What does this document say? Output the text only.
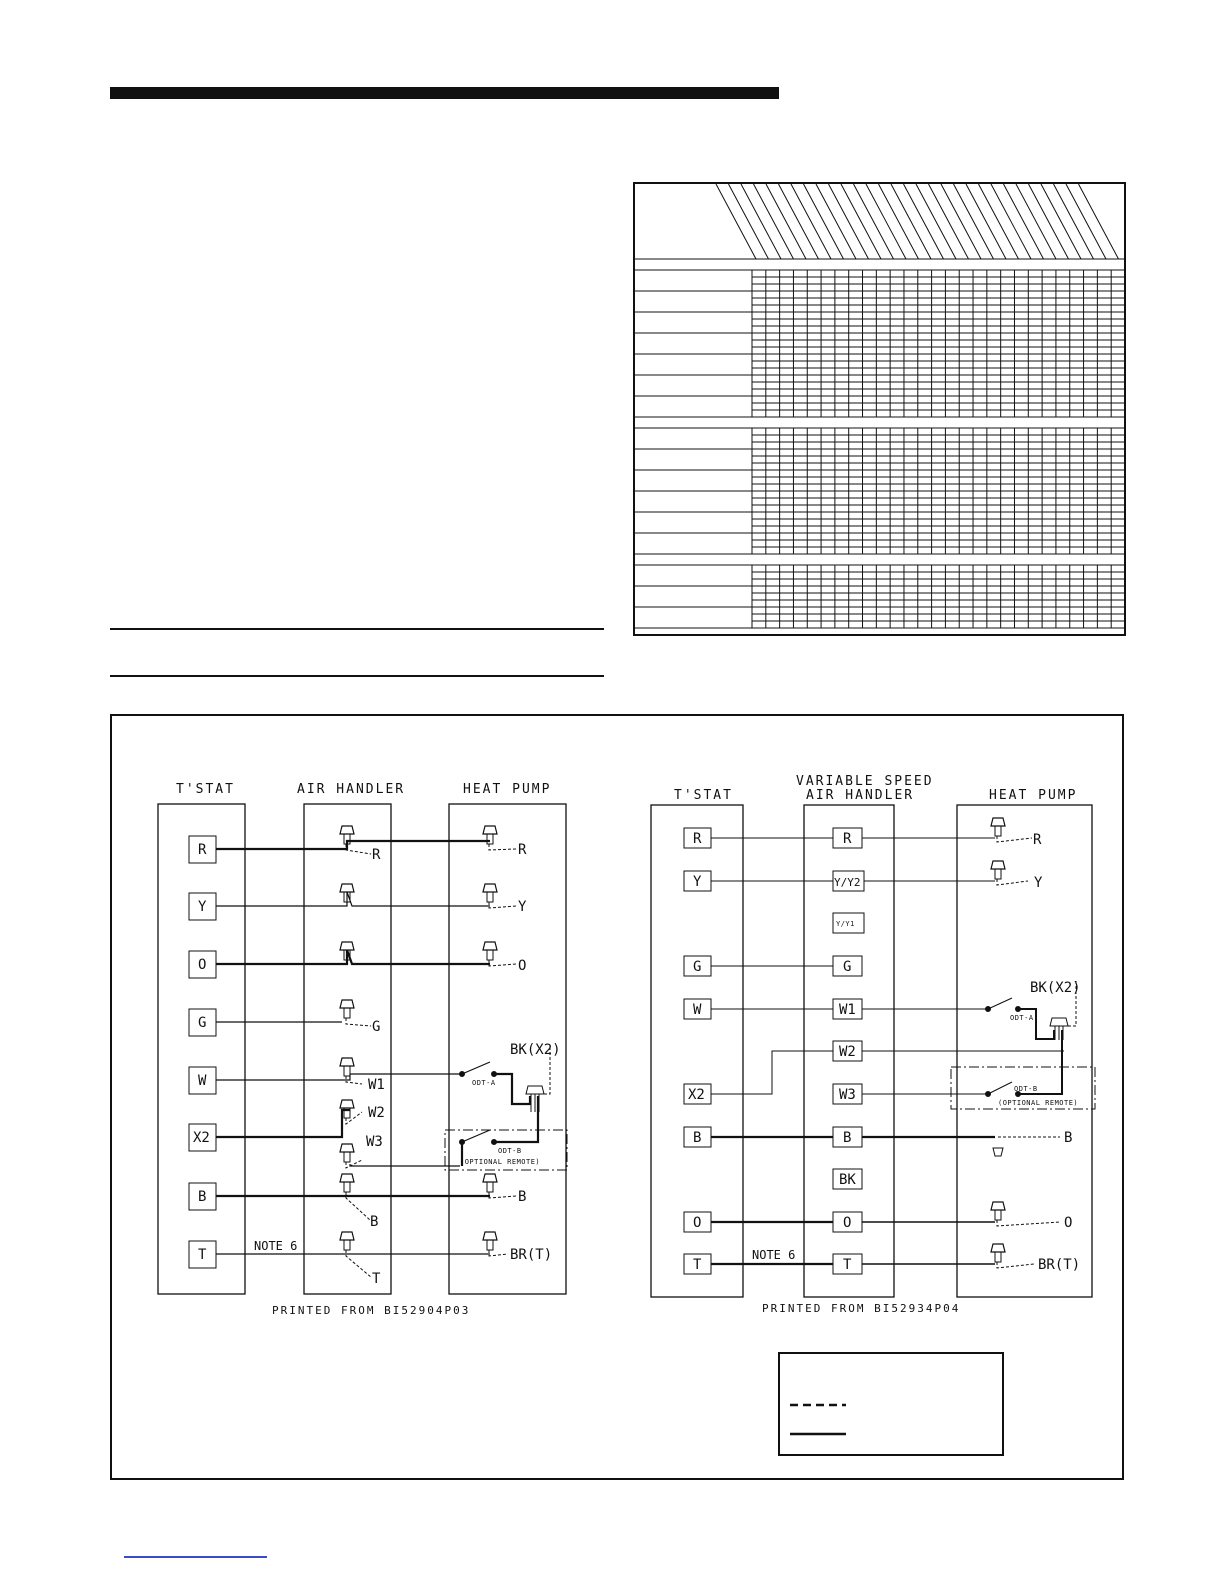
T'STAT	AIR HANDLER	HEAT PUMP
R
Y
O
G
W
X2
B
T
R
G
W1
W2
W3
B
T
R
Y
O
B
BR(T)
BK(X2)
ODT-A
ODT-B
(OPTIONAL REMOTE)
NOTE 6
PRINTED FROM BI52904P03
T'STAT
VARIABLE SPEED
AIR HANDLER	HEAT PUMP
R
Y
G
W
X2
B
O
T
R
Y/Y2
Y/Y1
G
W1
W2
W3
B
BK
O
T
R
Y
B
O
BR(T)
BK(X2)
ODT-A
ODT-B
(OPTIONAL REMOTE)
NOTE 6
PRINTED FROM BI52934P04
